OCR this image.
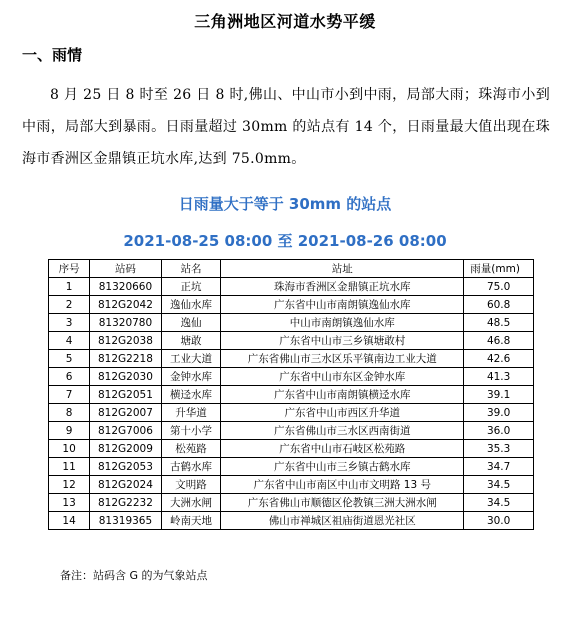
三角洲地区河道水势平缓
一、雨情
8 月 25 日 8 时至 26 日 8 时,佛山、中山市小到中雨，局部大雨；珠海市小到中雨，局部大到暴雨。日雨量超过 30mm 的站点有 14 个，日雨量最大值出现在珠海市香洲区金鼎镇正坑水库,达到 75.0mm。
日雨量大于等于 30mm 的站点
2021-08-25 08:00 至 2021-08-26 08:00
序号	站码	站名	站址	雨量(mm)
1	81320660	正坑	珠海市香洲区金鼎镇正坑水库	75.0
2	812G2042	逸仙水库	广东省中山市南朗镇逸仙水库	60.8
3	81320780	逸仙	中山市南朗镇逸仙水库	48.5
4	812G2038	塘敢	广东省中山市三乡镇塘敢村	46.8
5	812G2218	工业大道	广东省佛山市三水区乐平镇南边工业大道	42.6
6	812G2030	金钟水库	广东省中山市东区金钟水库	41.3
7	812G2051	横迳水库	广东省中山市南朗镇横迳水库	39.1
8	812G2007	升华道	广东省中山市西区升华道	39.0
9	812G7006	第十小学	广东省佛山市三水区西南街道	36.0
10	812G2009	松苑路	广东省中山市石岐区松苑路	35.3
11	812G2053	古鹤水库	广东省中山市三乡镇古鹤水库	34.7
12	812G2024	文明路	广东省中山市南区中山市文明路 13 号	34.5
13	812G2232	大洲水闸	广东省佛山市顺德区伦教镇三洲大洲水闸	34.5
14	81319365	岭南天地	佛山市禅城区祖庙街道恩光社区	30.0
备注：站码含 G 的为气象站点
